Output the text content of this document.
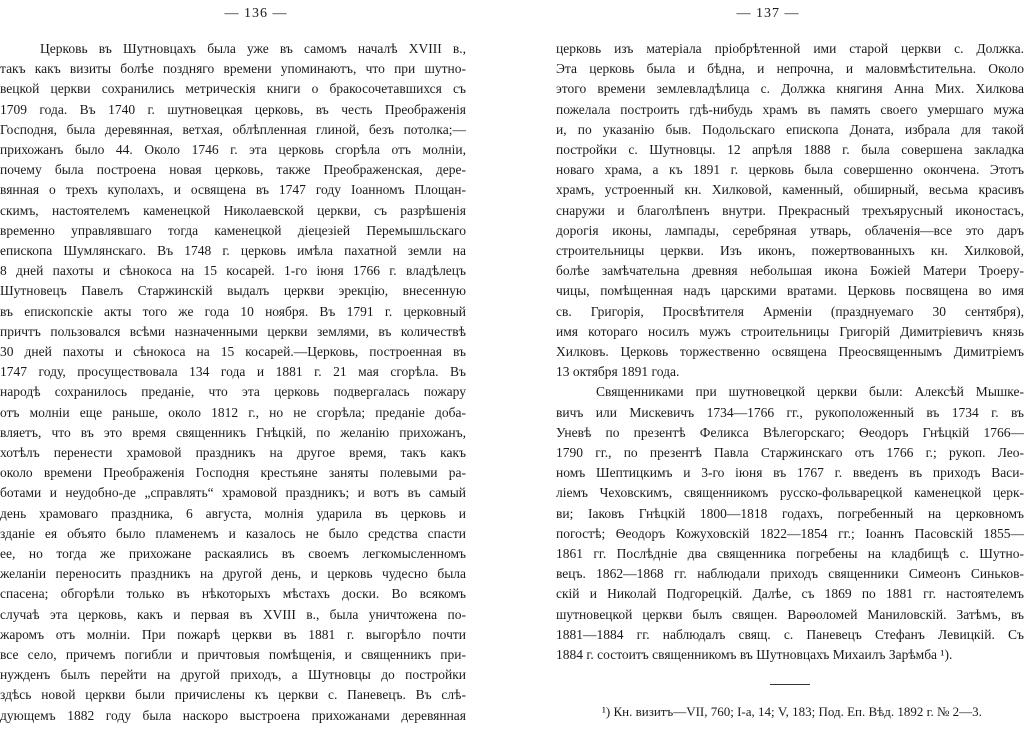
— 136 —
Церковь въ Шутновцахъ была уже въ самомъ началѣ XVIII в.,
такъ какъ визиты болѣе поздняго времени упоминаютъ, что при шутно-
вецкой церкви сохранились метрическія книги о бракосочетавшихся съ
1709 года. Въ 1740 г. шутновецкая церковь, въ честь Преображенія
Господня, была деревянная, ветхая, облѣпленная глиной, безъ потолка;—
прихожанъ было 44. Около 1746 г. эта церковь сгорѣла отъ молніи,
почему была построена новая церковь, также Преображенская, дере-
вянная о трехъ куполахъ, и освящена въ 1747 году Іоанномъ Площан-
скимъ, настоятелемъ каменецкой Николаевской церкви, съ разрѣшенія
временно управлявшаго тогда каменецкой діецезіей Перемышльскаго
епископа Шумлянскаго. Въ 1748 г. церковь имѣла пахатной земли на
8 дней пахоты и сѣнокоса на 15 косарей. 1-го іюня 1766 г. владѣлецъ
Шутновецъ Павелъ Старжинскій выдалъ церкви эрекцію, внесенную
въ епископскіе акты того же года 10 ноября. Въ 1791 г. церковный
причтъ пользовался всѣми назначенными церкви землями, въ количествѣ
30 дней пахоты и сѣнокоса на 15 косарей.—Церковь, построенная въ
1747 году, просуществовала 134 года и 1881 г. 21 мая сгорѣла. Въ
народѣ сохранилось преданіе, что эта церковь подвергалась пожару
отъ молніи еще раньше, около 1812 г., но не сгорѣла; преданіе доба-
вляетъ, что въ это время священникъ Гнѣцкій, по желанію прихожанъ,
хотѣлъ перенести храмовой праздникъ на другое время, такъ какъ
около времени Преображенія Господня крестьяне заняты полевыми ра-
ботами и неудобно-де „справлять“ храмовой праздникъ; и вотъ въ самый
день храмоваго праздника, 6 августа, молнія ударила въ церковь и
зданіе ея объято было пламенемъ и казалось не было средства спасти
ее, но тогда же прихожане раскаялись въ своемъ легкомысленномъ
желаніи переносить праздникъ на другой день, и церковь чудесно была
спасена; обгорѣли только въ нѣкоторыхъ мѣстахъ доски. Во всякомъ
случаѣ эта церковь, какъ и первая въ XVIII в., была уничтожена по-
жаромъ отъ молніи. При пожарѣ церкви въ 1881 г. выгорѣло почти
все село, причемъ погибли и причтовыя помѣщенія, и священникъ при-
нужденъ былъ перейти на другой приходъ, а Шутновцы до постройки
здѣсь новой церкви были причислены къ церкви с. Паневецъ. Въ слѣ-
дующемъ 1882 году была наскоро выстроена прихожанами деревянная
— 137 —
церковь изъ матеріала пріобрѣтенной ими старой церкви с. Должка.
Эта церковь была и бѣдна, и непрочна, и маловмѣстительна. Около
этого времени землевладѣлица с. Должка княгиня Анна Мих. Хилкова
пожелала построить гдѣ-нибудь храмъ въ память своего умершаго мужа
и, по указанію быв. Подольскаго епископа Доната, избрала для такой
постройки с. Шутновцы. 12 апрѣля 1888 г. была совершена закладка
новаго храма, а къ 1891 г. церковь была совершенно окончена. Этотъ
храмъ, устроенный кн. Хилковой, каменный, обширный, весьма красивъ
снаружи и благолѣпенъ внутри. Прекрасный трехъярусный иконостасъ,
дорогія иконы, лампады, серебряная утварь, облаченія—все это даръ
строительницы церкви. Изъ иконъ, пожертвованныхъ кн. Хилковой,
болѣе замѣчательна древняя небольшая икона Божіей Матери Троеру-
чицы, помѣщенная надъ царскими вратами. Церковь посвящена во имя
св. Григорія, Просвѣтителя Арменіи (празднуемаго 30 сентября),
имя котораго носилъ мужъ строительницы Григорій Димитріевичъ князь
Хилковъ. Церковь торжественно освящена Преосвященнымъ Димитріемъ
13 октября 1891 года.
Священниками при шутновецкой церкви были: Алексѣй Мышке-
вичъ или Мискевичъ 1734—1766 гг., рукоположенный въ 1734 г. въ
Уневѣ по презентѣ Феликса Вѣлегорскаго; Ѳеодоръ Гнѣцкій 1766—
1790 гг., по презентѣ Павла Старжинскаго отъ 1766 г.; рукоп. Лео-
номъ Шептицкимъ и 3-го іюня въ 1767 г. введенъ въ приходъ Васи-
ліемъ Чеховскимъ, священникомъ русско-фольварецкой каменецкой церк-
ви; Іаковъ Гнѣцкій 1800—1818 годахъ, погребенный на церковномъ
погостѣ; Ѳеодоръ Кожуховскій 1822—1854 гг.; Іоаннъ Пасовскій 1855—
1861 гг. Послѣдніе два священника погребены на кладбищѣ с. Шутно-
вецъ. 1862—1868 гг. наблюдали приходъ священники Симеонъ Синьков-
скій и Николай Подгорецкій. Далѣе, съ 1869 по 1881 гг. настоятелемъ
шутновецкой церкви былъ священ. Варѳоломей Маниловскій. Затѣмъ, въ
1881—1884 гг. наблюдалъ свящ. с. Паневецъ Стефанъ Левицкій. Съ
1884 г. состоитъ священникомъ въ Шутновцахъ Михаилъ Зарѣмба ¹).
¹) Кн. визитъ—VII, 760; I-а, 14; V, 183; Под. Еп. Вѣд. 1892 г. № 2—3.
